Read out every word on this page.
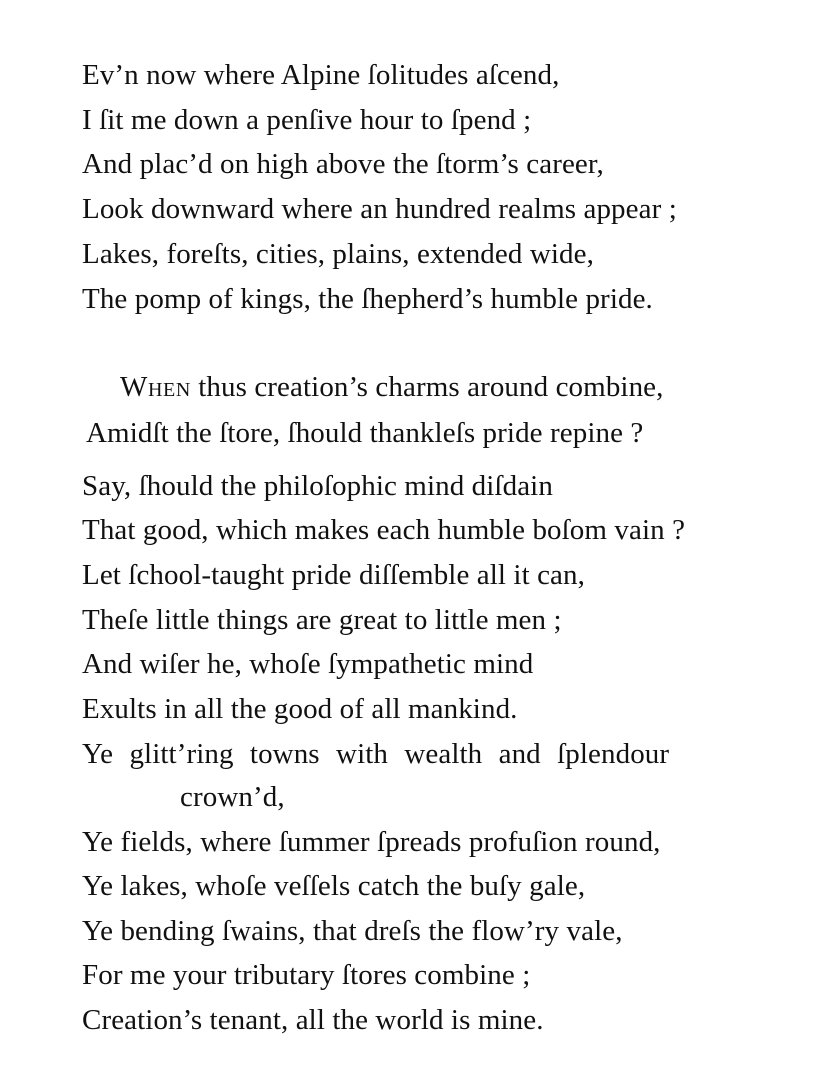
Ev’n now where Alpine ſolitudes aſcend,
I ſit me down a penſive hour to ſpend ;
And plac’d on high above the ſtorm’s career,
Look downward where an hundred realms appear ;
Lakes, foreſts, cities, plains, extended wide,
The pomp of kings, the ſhepherd’s humble pride.
When thus creation’s charms around combine,
Amidſt the ſtore, ſhould thankleſs pride repine ?
Say, ſhould the philoſophic mind diſdain
That good, which makes each humble boſom vain ?
Let ſchool-taught pride diſſemble all it can,
Theſe little things are great to little men ;
And wiſer he, whoſe ſympathetic mind
Exults in all the good of all mankind.
Ye glitt’ring towns with wealth and ſplendour
crown’d,
Ye fields, where ſummer ſpreads profuſion round,
Ye lakes, whoſe veſſels catch the buſy gale,
Ye bending ſwains, that dreſs the flow’ry vale,
For me your tributary ſtores combine ;
Creation’s tenant, all the world is mine.
